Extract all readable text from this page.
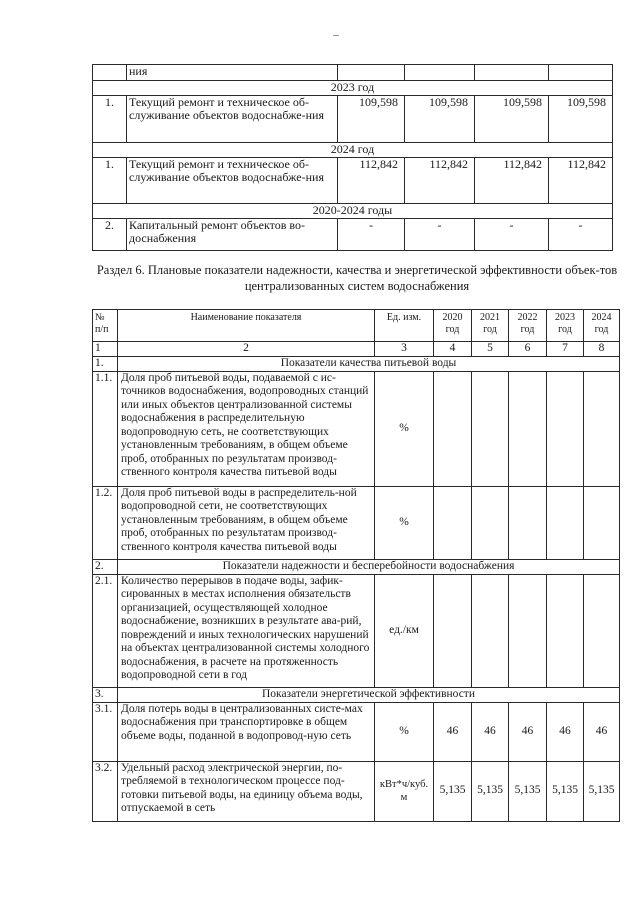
	ния				
2023 год					
1.	Текущий ремонт и техническое об-служивание объектов водоснабже-ния	109,598	109,598	109,598	109,598
2024 год					
1.	Текущий ремонт и техническое об-служивание объектов водоснабже-ния	112,842	112,842	112,842	112,842
2020-2024 годы					
2.	Капитальный ремонт объектов во-доснабжения	-	-	-	-
Раздел 6. Плановые показатели надежности, качества и энергетической эффективности объек-тов централизованных систем водоснабжения
№ п/п	Наименование показателя	Ед. изм.	2020 год	2021 год	2022 год	2023 год	2024 год
1	2	3	4	5	6	7	8
1.	Показатели качества питьевой воды						
1.1.	Доля проб питьевой воды, подаваемой с ис-точников водоснабжения, водопроводных станций или иных объектов централизованной системы водоснабжения в распределительную водопроводную сеть, не соответствующих установленным требованиям, в общем объеме проб, отобранных по результатам производ-ственного контроля качества питьевой воды	%					
1.2.	Доля проб питьевой воды в распределитель-ной водопроводной сети, не соответствующих установленным требованиям, в общем объеме проб, отобранных по результатам производ-ственного контроля качества питьевой воды	%					
2.	Показатели надежности и бесперебойности водоснабжения						
2.1.	Количество перерывов в подаче воды, зафик-сированных в местах исполнения обязательств организацией, осуществляющей холодное водоснабжение, возникших в результате ава-рий, повреждений и иных технологических нарушений на объектах централизованной системы холодного водоснабжения, в расчете на протяженность водопроводной сети в год	ед./км					
3.	Показатели энергетической эффективности						
3.1.	Доля потерь воды в централизованных систе-мах водоснабжения при транспортировке в общем объеме воды, поданной в водопровод-ную сеть	%	46	46	46	46	46
3.2.	Удельный расход электрической энергии, по-требляемой в технологическом процессе под-готовки питьевой воды, на единицу объема воды, отпускаемой в сеть	кВт*ч/куб. м	5,135	5,135	5,135	5,135	5,135
